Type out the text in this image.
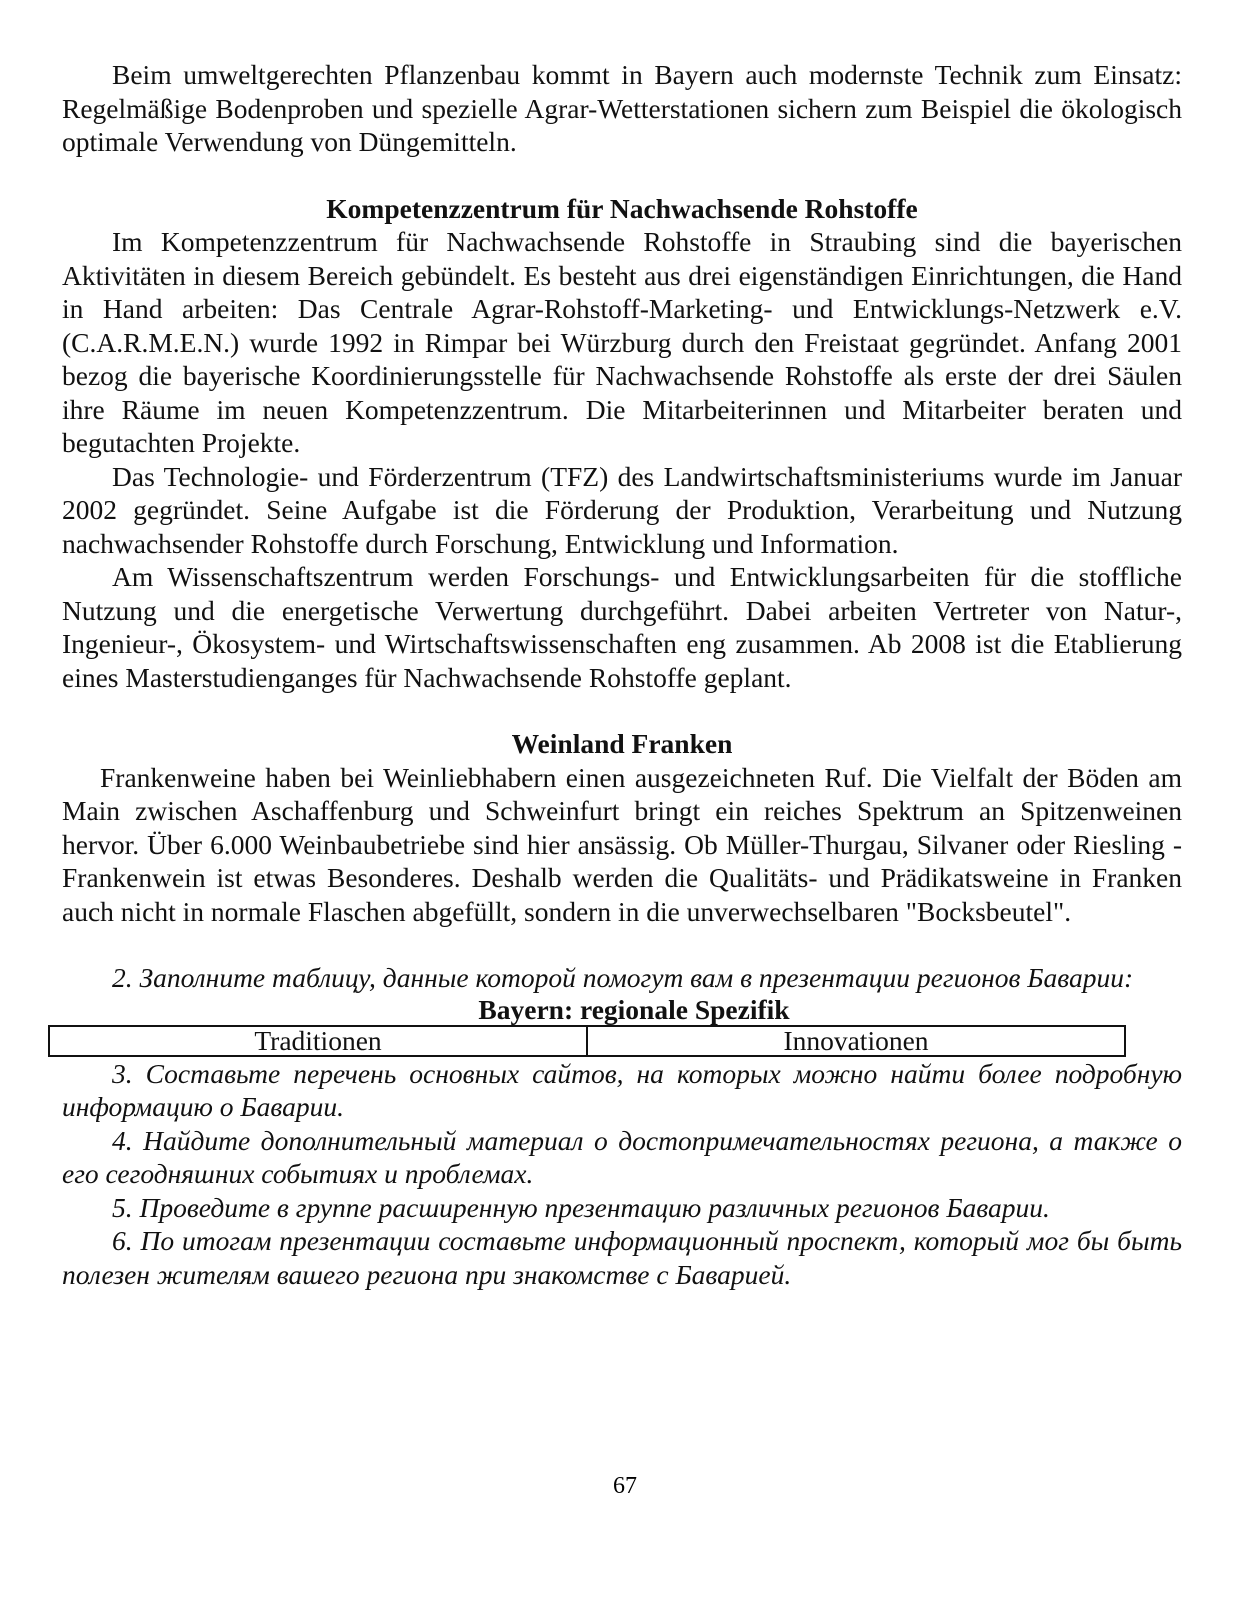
Beim umweltgerechten Pflanzenbau kommt in Bayern auch modernste Technik zum Einsatz: Regelmäßige Bodenproben und spezielle Agrar-Wetterstationen sichern zum Beispiel die ökologisch optimale Verwendung von Düngemitteln.

Kompetenzzentrum für Nachwachsende Rohstoffe

Im Kompetenzzentrum für Nachwachsende Rohstoffe in Straubing sind die bayerischen Aktivitäten in diesem Bereich gebündelt. Es besteht aus drei eigenständigen Einrichtungen, die Hand in Hand arbeiten: Das Centrale Agrar-Rohstoff-Marketing- und Entwicklungs-Netzwerk e.V. (C.A.R.M.E.N.) wurde 1992 in Rimpar bei Würzburg durch den Freistaat gegründet. Anfang 2001 bezog die bayerische Koordinierungsstelle für Nachwachsende Rohstoffe als erste der drei Säulen ihre Räume im neuen Kompetenzzentrum. Die Mitarbeiterinnen und Mitarbeiter beraten und begutachten Projekte.

Das Technologie- und Förderzentrum (TFZ) des Landwirtschaftsministeriums wurde im Januar 2002 gegründet. Seine Aufgabe ist die Förderung der Produktion, Verarbeitung und Nutzung nachwachsender Rohstoffe durch Forschung, Entwicklung und Information.

Am Wissenschaftszentrum werden Forschungs- und Entwicklungsarbeiten für die stoffliche Nutzung und die energetische Verwertung durchgeführt. Dabei arbeiten Vertreter von Natur-, Ingenieur-, Ökosystem- und Wirtschaftswissenschaften eng zusammen. Ab 2008 ist die Etablierung eines Masterstudienganges für Nachwachsende Rohstoffe geplant.

Weinland Franken

Frankenweine haben bei Weinliebhabern einen ausgezeichneten Ruf. Die Vielfalt der Böden am Main zwischen Aschaffenburg und Schweinfurt bringt ein reiches Spektrum an Spitzenweinen hervor. Über 6.000 Weinbaubetriebe sind hier ansässig. Ob Müller-Thurgau, Silvaner oder Riesling - Frankenwein ist etwas Besonderes. Deshalb werden die Qualitäts- und Prädikatsweine in Franken auch nicht in normale Flaschen abgefüllt, sondern in die unverwechselbaren "Bocksbeutel".

2. Заполните таблицу, данные которой помогут вам в презентации регионов Баварии:

Bayern: regionale Spezifik
Traditionen	Innovationen

3. Составьте перечень основных сайтов, на которых можно найти более подробную информацию о Баварии.

4. Найдите дополнительный материал о достопримечательностях региона, а также о его сегодняшних событиях и проблемах.

5. Проведите в группе расширенную презентацию различных регионов Баварии.

6. По итогам презентации составьте информационный проспект, который мог бы быть полезен жителям вашего региона при знакомстве с Баварией.

67
